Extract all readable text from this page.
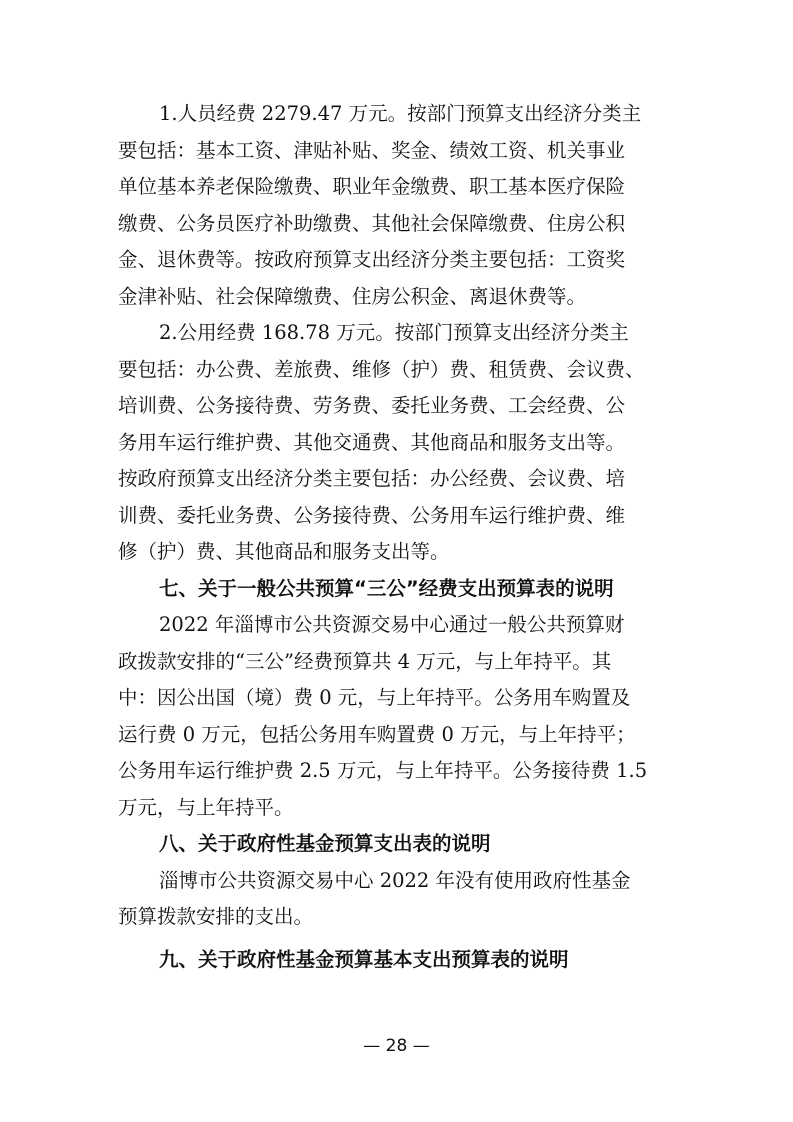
1.人员经费 2279.47 万元。按部门预算支出经济分类主
要包括：基本工资、津贴补贴、奖金、绩效工资、机关事业
单位基本养老保险缴费、职业年金缴费、职工基本医疗保险
缴费、公务员医疗补助缴费、其他社会保障缴费、住房公积
金、退休费等。按政府预算支出经济分类主要包括：工资奖
金津补贴、社会保障缴费、住房公积金、离退休费等。

2.公用经费 168.78 万元。按部门预算支出经济分类主
要包括：办公费、差旅费、维修（护）费、租赁费、会议费、
培训费、公务接待费、劳务费、委托业务费、工会经费、公
务用车运行维护费、其他交通费、其他商品和服务支出等。
按政府预算支出经济分类主要包括：办公经费、会议费、培
训费、委托业务费、公务接待费、公务用车运行维护费、维
修（护）费、其他商品和服务支出等。

七、关于一般公共预算“三公”经费支出预算表的说明

2022 年淄博市公共资源交易中心通过一般公共预算财
政拨款安排的“三公”经费预算共 4 万元，与上年持平。其
中：因公出国（境）费 0 元，与上年持平。公务用车购置及
运行费 0 万元，包括公务用车购置费 0 万元，与上年持平；
公务用车运行维护费 2.5 万元，与上年持平。公务接待费 1.5
万元，与上年持平。

八、关于政府性基金预算支出表的说明

淄博市公共资源交易中心 2022 年没有使用政府性基金
预算拨款安排的支出。

九、关于政府性基金预算基本支出预算表的说明
— 28 —
